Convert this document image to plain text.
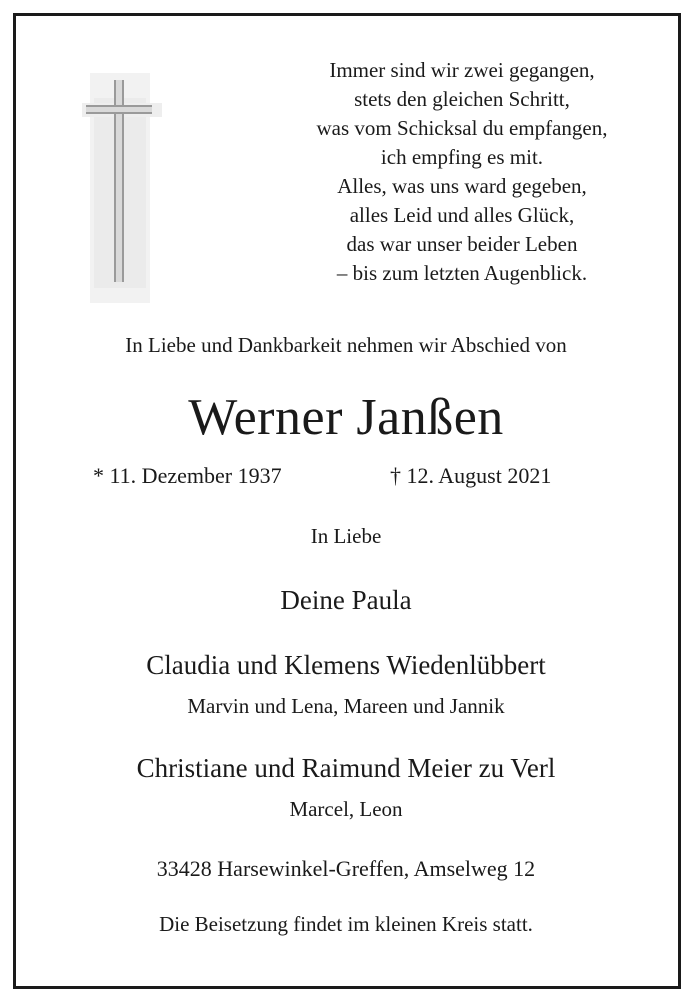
Immer sind wir zwei gegangen,
stets den gleichen Schritt,
was vom Schicksal du empfangen,
ich empfing es mit.
Alles, was uns ward gegeben,
alles Leid und alles Glück,
das war unser beider Leben
– bis zum letzten Augenblick.
In Liebe und Dankbarkeit nehmen wir Abschied von
Werner Janßen
* 11. Dezember 1937	† 12. August 2021
In Liebe
Deine Paula
Claudia und Klemens Wiedenlübbert
Marvin und Lena, Mareen und Jannik
Christiane und Raimund Meier zu Verl
Marcel, Leon
33428 Harsewinkel-Greffen, Amselweg 12
Die Beisetzung findet im kleinen Kreis statt.
